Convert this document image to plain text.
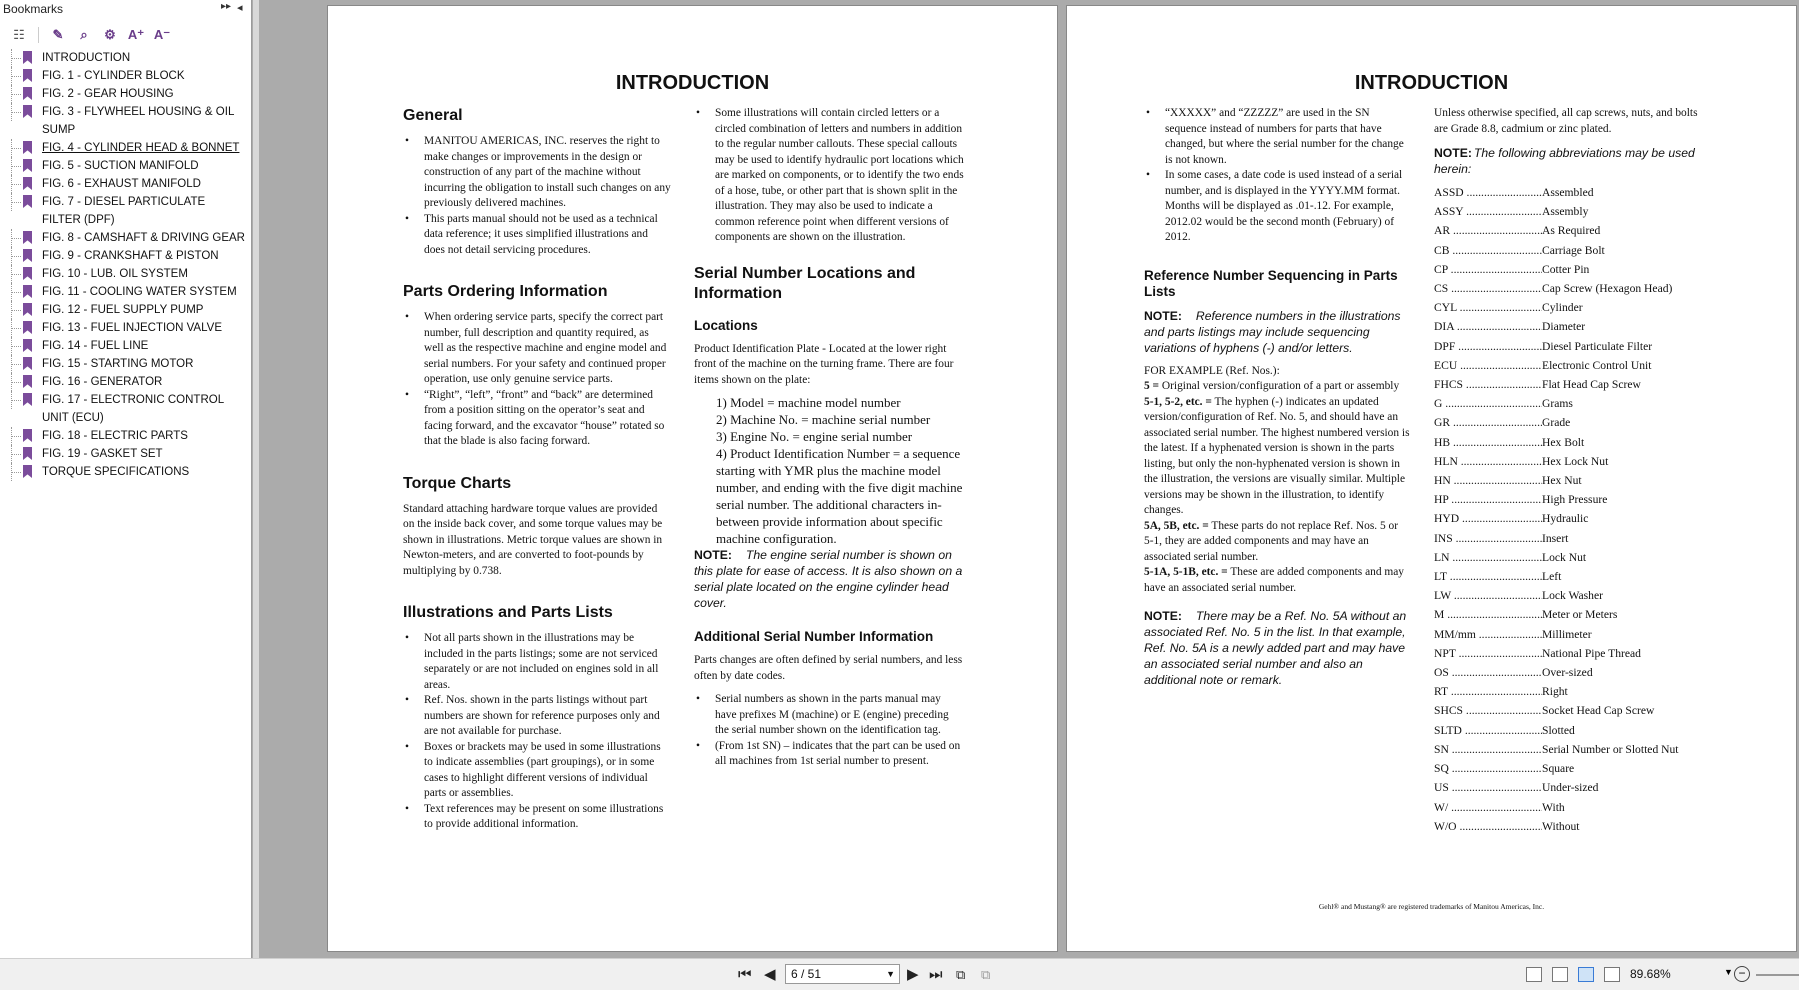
Bookmarks	▸▸ ◂
☷	✎	⌕	⚙ A⁺ A⁻
INTRODUCTION
FIG. 1 - CYLINDER BLOCK
FIG. 2 - GEAR HOUSING
FIG. 3 - FLYWHEEL HOUSING & OIL SUMP
FIG. 4 - CYLINDER HEAD & BONNET
FIG. 5 - SUCTION MANIFOLD
FIG. 6 - EXHAUST MANIFOLD
FIG. 7 - DIESEL PARTICULATE FILTER (DPF)
FIG. 8 - CAMSHAFT & DRIVING GEAR
FIG. 9 - CRANKSHAFT & PISTON
FIG. 10 - LUB. OIL SYSTEM
FIG. 11 - COOLING WATER SYSTEM
FIG. 12 - FUEL SUPPLY PUMP
FIG. 13 - FUEL INJECTION VALVE
FIG. 14 - FUEL LINE
FIG. 15 - STARTING MOTOR
FIG. 16 - GENERATOR
FIG. 17 - ELECTRONIC CONTROL UNIT (ECU)
FIG. 18 - ELECTRIC PARTS
FIG. 19 - GASKET SET
TORQUE SPECIFICATIONS
INTRODUCTION
General
• MANITOU AMERICAS, INC. reserves the right to make changes or improvements in the design or construction of any part of the machine without incurring the obligation to install such changes on any previously delivered machines.
• This parts manual should not be used as a technical data reference; it uses simplified illustrations and does not detail servicing procedures.
Parts Ordering Information
• When ordering service parts, specify the correct part number, full description and quantity required, as well as the respective machine and engine model and serial numbers. For your safety and continued proper operation, use only genuine service parts.
• “Right”, “left”, “front” and “back” are determined from a position sitting on the operator’s seat and facing forward, and the excavator “house” rotated so that the blade is also facing forward.
Torque Charts

Standard attaching hardware torque values are provided on the inside back cover, and some torque values may be shown in illustrations. Metric torque values are shown in Newton-meters, and are converted to foot-pounds by multiplying by 0.738.

Illustrations and Parts Lists
• Not all parts shown in the illustrations may be included in the parts listings; some are not serviced separately or are not included on engines sold in all areas.
• Ref. Nos. shown in the parts listings without part numbers are shown for reference purposes only and are not available for purchase.
• Boxes or brackets may be used in some illustrations to indicate assemblies (part groupings), or in some cases to highlight different versions of individual parts or assemblies.
• Text references may be present on some illustrations to provide additional information.
• Some illustrations will contain circled letters or a circled combination of letters and numbers in addition to the regular number callouts. These special callouts may be used to identify hydraulic port locations which are marked on components, or to identify the two ends of a hose, tube, or other part that is shown split in the illustration. They may also be used to indicate a common reference point when different versions of components are shown on the illustration.
Serial Number Locations and Information
Locations

Product Identification Plate - Located at the lower right front of the machine on the turning frame. There are four items shown on the plate:

1) Model = machine model number
2) Machine No. = machine serial number
3) Engine No. = engine serial number
4) Product Identification Number = a sequence starting with YMR plus the machine model number, and ending with the five digit machine serial number. The additional characters in-between provide information about specific machine configuration.

NOTE: The engine serial number is shown on this plate for ease of access. It is also shown on a serial plate located on the engine cylinder head cover.

Additional Serial Number Information

Parts changes are often defined by serial numbers, and less often by date codes.

• Serial numbers as shown in the parts manual may have prefixes M (machine) or E (engine) preceding the serial number shown on the identification tag.
• (From 1st SN) – indicates that the part can be used on all machines from 1st serial number to present.
INTRODUCTION
• “XXXXX” and “ZZZZZ” are used in the SN sequence instead of numbers for parts that have changed, but where the serial number for the change is not known.
• In some cases, a date code is used instead of a serial number, and is displayed in the YYYY.MM format. Months will be displayed as .01-.12. For example, 2012.02 would be the second month (February) of 2012.
Reference Number Sequencing in Parts Lists

NOTE: Reference numbers in the illustrations and parts listings may include sequencing variations of hyphens (-) and/or letters.

FOR EXAMPLE (Ref. Nos.):

5 = Original version/configuration of a part or assembly

5-1, 5-2, etc. = The hyphen (-) indicates an updated version/configuration of Ref. No. 5, and should have an associated serial number. The highest numbered version is the latest. If a hyphenated version is shown in the parts listing, but only the non-hyphenated version is shown in the illustration, the versions are visually similar. Multiple versions may be shown in the illustration, to identify changes.

5A, 5B, etc. = These parts do not replace Ref. Nos. 5 or 5-1, they are added components and may have an associated serial number.

5-1A, 5-1B, etc. = These are added components and may have an associated serial number.

NOTE: There may be a Ref. No. 5A without an associated Ref. No. 5 in the list. In that example, Ref. No. 5A is a newly added part and may have an associated serial number and also an additional note or remark.

Unless otherwise specified, all cap screws, nuts, and bolts are Grade 8.8, cadmium or zinc plated.

NOTE: The following abbreviations may be used herein:

ASSD .....	Assembled
ASSY .....	Assembly
AR .....	As Required
CB .....	Carriage Bolt
CP .....	Cotter Pin
CS .....	Cap Screw (Hexagon Head)
CYL .....	Cylinder
DIA .....	Diameter
DPF .....	Diesel Particulate Filter
ECU .....	Electronic Control Unit
FHCS .....	Flat Head Cap Screw
G .....	Grams
GR .....	Grade
HB .....	Hex Bolt
HLN .....	Hex Lock Nut
HN .....	Hex Nut
HP .....	High Pressure
HYD .....	Hydraulic
INS .....	Insert
LN .....	Lock Nut
LT .....	Left
LW .....	Lock Washer
M .....	Meter or Meters
MM/mm .....	Millimeter
NPT .....	National Pipe Thread
OS .....	Over-sized
RT .....	Right
SHCS .....	Socket Head Cap Screw
SLTD .....	Slotted
SN .....	Serial Number or Slotted Nut
SQ .....	Square
US .....	Under-sized
W/ .....	With
W/O .....	Without
Gehl® and Mustang® are registered trademarks of Manitou Americas, Inc.
⏮ ◀	6 / 51	▼ ▶ ⏭ ⧉ ⧉	89.68%	▼ −
